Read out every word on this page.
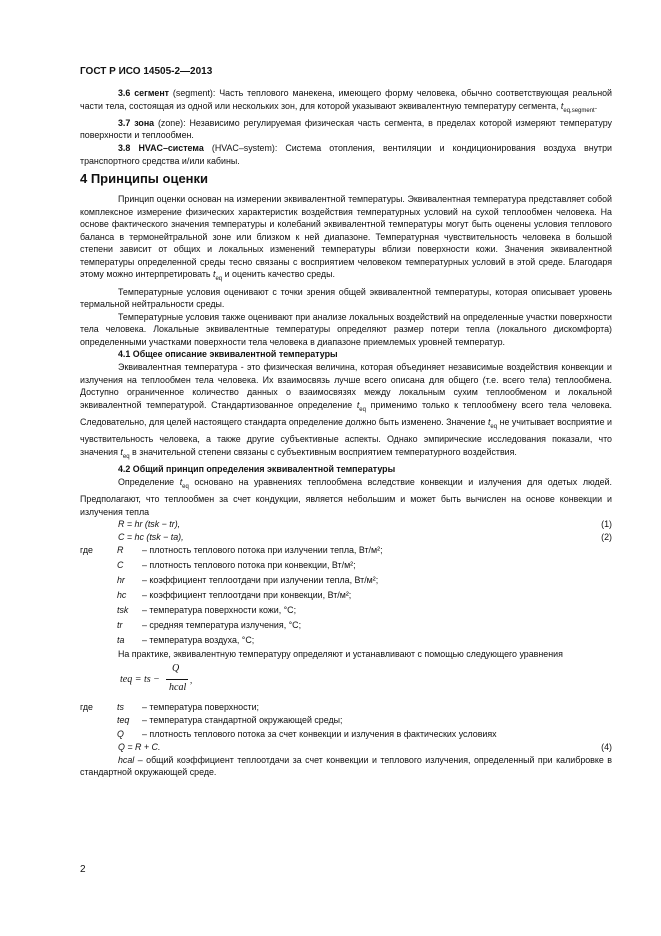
ГОСТ Р ИСО 14505-2—2013

3.6 сегмент (segment): Часть теплового манекена, имеющего форму человека, обычно соответствующая реальной части тела, состоящая из одной или нескольких зон, для которой указывают эквивалентную температуру сегмента, $t_{eq,segment}$.

3.7 зона (zone): Независимо регулируемая физическая часть сегмента, в пределах которой измеряют температуру поверхности и теплообмен.

3.8 HVAC–система (HVAC–system): Система отопления, вентиляции и кондиционирования воздуха внутри транспортного средства и/или кабины.

4 Принципы оценки

Принцип оценки основан на измерении эквивалентной температуры. Эквивалентная температура представляет собой комплексное измерение физических характеристик воздействия температурных условий на сухой теплообмен человека. На основе фактического значения температуры и колебаний эквивалентной температуры могут быть оценены условия теплового баланса в термонейтральной зоне или близком к ней диапазоне. Температурная чувствительность человека в большой степени зависит от общих и локальных изменений температуры вблизи поверхности кожи. Значения эквивалентной температуры определенной среды тесно связаны с восприятием человеком температурных условий в этой среде. Благодаря этому можно интерпретировать $t_{eq}$ и оценить качество среды.

Температурные условия оценивают с точки зрения общей эквивалентной температуры, которая описывает уровень термальной нейтральности среды.

Температурные условия также оценивают при анализе локальных воздействий на определенные участки поверхности тела человека. Локальные эквивалентные температуры определяют размер потери тепла (локального дискомфорта) определенными участками поверхности тела человека в диапазоне приемлемых уровней температур.

4.1 Общее описание эквивалентной температуры

Эквивалентная температура - это физическая величина, которая объединяет независимые воздействия конвекции и излучения на теплообмен тела человека. Их взаимосвязь лучше всего описана для общего (т.е. всего тела) теплообмена. Доступно ограниченное количество данных о взаимосвязях между локальным сухим теплообменом и локальной эквивалентной температурой. Стандартизованное определение $t_{eq}$ применимо только к теплообмену всего тела человека. Следовательно, для целей настоящего стандарта определение должно быть изменено. Значение $t_{eq}$ не учитывает восприятие и чувствительность человека, а также другие субъективные аспекты. Однако эмпирические исследования показали, что значения $t_{eq}$ в значительной степени связаны с субъективным восприятием температурного воздействия.

4.2 Общий принцип определения эквивалентной температуры

Определение $t_{eq}$ основано на уравнениях теплообмена вследствие конвекции и излучения для одетых людей. Предполагают, что теплообмен за счет кондукции, является небольшим и может быть вычислен на основе конвекции и излучения тепла

R = hr (tsk − tr),	(1)
C = hc (tsk − ta),	(2)
где	R – плотность теплового потока при излучении тепла, Вт/м²;
C – плотность теплового потока при конвекции, Вт/м²;
hr – коэффициент теплоотдачи при излучении тепла, Вт/м²;
hc – коэффициент теплоотдачи при конвекции, Вт/м²;
tsk – температура поверхности кожи, °С;
tr – средняя температура излучения, °С;
ta – температура воздуха, °С;

На практике, эквивалентную температуру определяют и устанавливают с помощью следующего уравнения

teq = ts −
Q
hcal
,
где	ts – температура поверхности;
teq – температура стандартной окружающей среды;
Q – плотность теплового потока за счет конвекции и излучения в фактических условиях
Q = R + C.	(4)

hcal – общий коэффициент теплоотдачи за счет конвекции и теплового излучения, определенный при калибровке в стандартной окружающей среде.

2
